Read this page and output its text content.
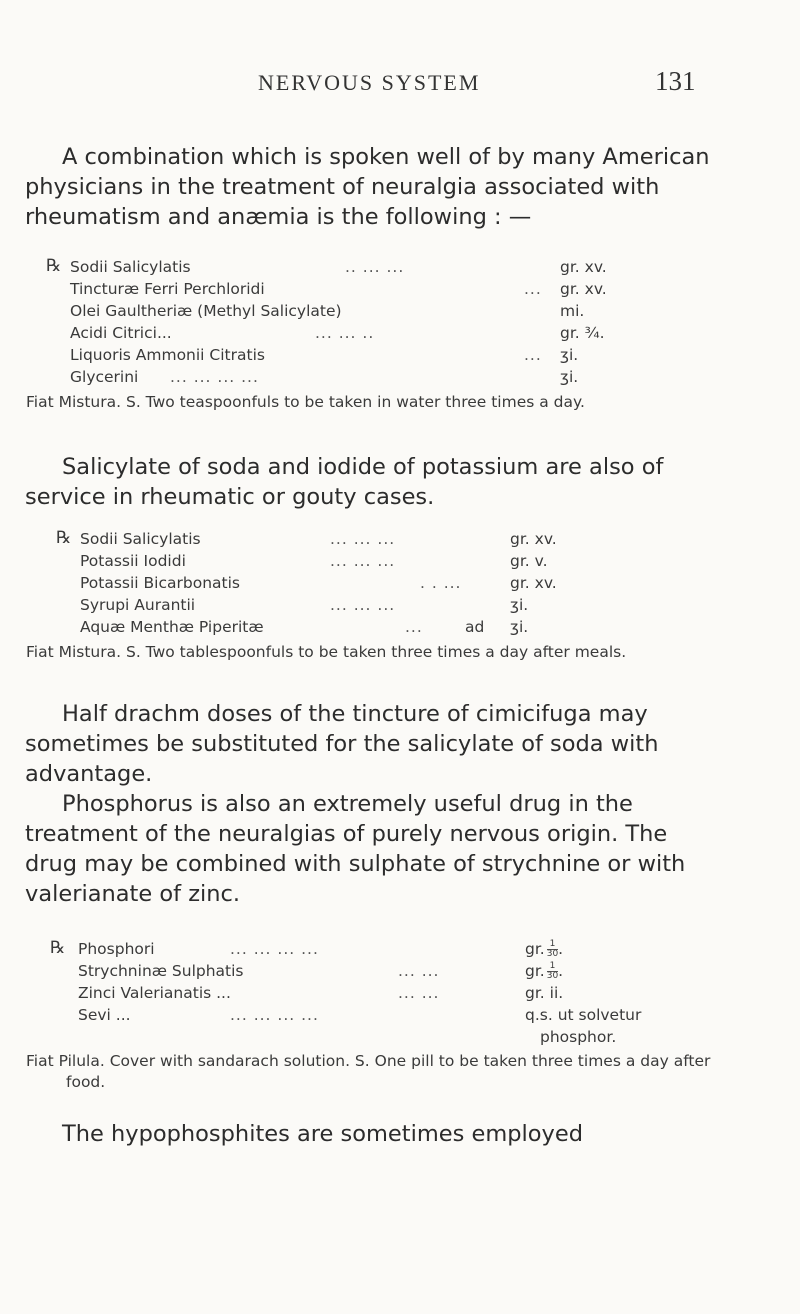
NERVOUS SYSTEM	131

A combination which is spoken well of by many American physicians in the treatment of neuralgia associated with rheumatism and anæmia is the following : —

℞ Sodii Salicylatis	.. ... ...	gr. xv.
Tincturæ Ferri Perchloridi	... gr. xv.
Olei Gaultheriæ (Methyl Salicylate)	mi.
Acidi Citrici...	... ... ..	gr. ¾.
Liquoris Ammonii Citratis	... ʒi.
Glycerini ... ... ... ...	ʒi.

Fiat Mistura. S. Two teaspoonfuls to be taken in water three times a day.

Salicylate of soda and iodide of potassium are also of service in rheumatic or gouty cases.

℞ Sodii Salicylatis	... ... ...	gr. xv.
Potassii Iodidi	... ... ...	gr. v.
Potassii Bicarbonatis	. . ...	gr. xv.
Syrupi Aurantii	... ... ...	ʒi.
Aquæ Menthæ Piperitæ	...	ad ʒi.

Fiat Mistura. S. Two tablespoonfuls to be taken three times a day after meals.

Half drachm doses of the tincture of cimicifuga may sometimes be substituted for the salicylate of soda with advantage.

Phosphorus is also an extremely useful drug in the treatment of the neuralgias of purely nervous origin. The drug may be combined with sulphate of strychnine or with valerianate of zinc.

℞ Phosphori	... ... ... ...	gr. $\frac{1}{30}$ .
Strychninæ Sulphatis	... ...	gr. $\frac{1}{30}$ .
Zinci Valerianatis ...	... ...	gr. ii.
Sevi ...	... ... ... ...	q.s. ut solvetur
phosphor.

Fiat Pilula. Cover with sandarach solution. S. One pill to be taken three times a day after food.

The hypophosphites are sometimes employed
